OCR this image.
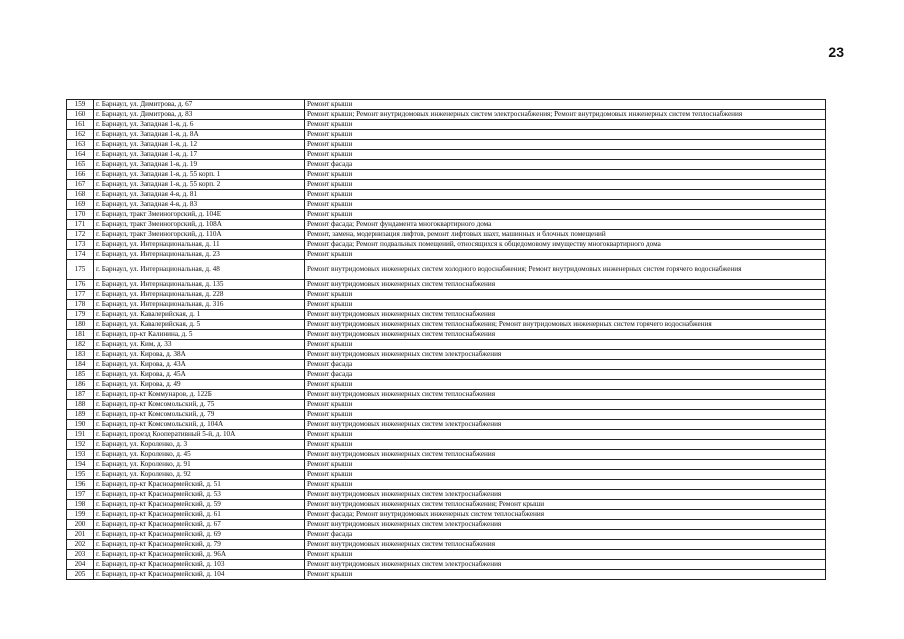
23
159	г. Барнаул, ул. Димитрова, д. 67	Ремонт крыши
160	г. Барнаул, ул. Димитрова, д. 83	Ремонт крыши; Ремонт внутридомовых инженерных систем электроснабжения; Ремонт внутридомовых инженерных систем теплоснабжения
161	г. Барнаул, ул. Западная 1-я, д. 6	Ремонт крыши
162	г. Барнаул, ул. Западная 1-я, д. 8А	Ремонт крыши
163	г. Барнаул, ул. Западная 1-я, д. 12	Ремонт крыши
164	г. Барнаул, ул. Западная 1-я, д. 17	Ремонт крыши
165	г. Барнаул, ул. Западная 1-я, д. 19	Ремонт фасада
166	г. Барнаул, ул. Западная 1-я, д. 55 корп. 1	Ремонт крыши
167	г. Барнаул, ул. Западная 1-я, д. 55 корп. 2	Ремонт крыши
168	г. Барнаул, ул. Западная 4-я, д. 81	Ремонт крыши
169	г. Барнаул, ул. Западная 4-я, д. 83	Ремонт крыши
170	г. Барнаул, тракт Змеиногорский, д. 104Е	Ремонт крыши
171	г. Барнаул, тракт Змеиногорский, д. 108А	Ремонт фасада; Ремонт фундамента многоквартирного дома
172	г. Барнаул, тракт Змеиногорский, д. 110А	Ремонт, замена, модернизация лифтов, ремонт лифтовых шахт, машинных и блочных помещений
173	г. Барнаул, ул. Интернациональная, д. 11	Ремонт фасада; Ремонт подвальных помещений, относящихся к общедомовому имуществу многоквартирного дома
174	г. Барнаул, ул. Интернациональная, д. 23	Ремонт крыши
175	г. Барнаул, ул. Интернациональная, д. 48	Ремонт внутридомовых инженерных систем холодного водоснабжения; Ремонт внутридомовых инженерных систем горячего водоснабжения
176	г. Барнаул, ул. Интернациональная, д. 135	Ремонт внутридомовых инженерных систем теплоснабжения
177	г. Барнаул, ул. Интернациональная, д. 228	Ремонт крыши
178	г. Барнаул, ул. Интернациональная, д. 316	Ремонт крыши
179	г. Барнаул, ул. Кавалерийская, д. 1	Ремонт внутридомовых инженерных систем теплоснабжения
180	г. Барнаул, ул. Кавалерийская, д. 5	Ремонт внутридомовых инженерных систем теплоснабжения; Ремонт внутридомовых инженерных систем горячего водоснабжения
181	г. Барнаул, пр-кт Калинина, д. 5	Ремонт внутридомовых инженерных систем теплоснабжения
182	г. Барнаул, ул. Ким, д. 33	Ремонт крыши
183	г. Барнаул, ул. Кирова, д. 38А	Ремонт внутридомовых инженерных систем электроснабжения
184	г. Барнаул, ул. Кирова, д. 43А	Ремонт фасада
185	г. Барнаул, ул. Кирова, д. 45А	Ремонт фасада
186	г. Барнаул, ул. Кирова, д. 49	Ремонт крыши
187	г. Барнаул, пр-кт Коммунаров, д. 122Б	Ремонт внутридомовых инженерных систем теплоснабжения
188	г. Барнаул, пр-кт Комсомольский, д. 75	Ремонт крыши
189	г. Барнаул, пр-кт Комсомольский, д. 79	Ремонт крыши
190	г. Барнаул, пр-кт Комсомольский, д. 104А	Ремонт внутридомовых инженерных систем электроснабжения
191	г. Барнаул, проезд Кооперативный 5-й, д. 10А	Ремонт крыши
192	г. Барнаул, ул. Короленко, д. 3	Ремонт крыши
193	г. Барнаул, ул. Короленко, д. 45	Ремонт внутридомовых инженерных систем теплоснабжения
194	г. Барнаул, ул. Короленко, д. 91	Ремонт крыши
195	г. Барнаул, ул. Короленко, д. 92	Ремонт крыши
196	г. Барнаул, пр-кт Красноармейский, д. 51	Ремонт крыши
197	г. Барнаул, пр-кт Красноармейский, д. 53	Ремонт внутридомовых инженерных систем электроснабжения
198	г. Барнаул, пр-кт Красноармейский, д. 59	Ремонт внутридомовых инженерных систем теплоснабжения; Ремонт крыши
199	г. Барнаул, пр-кт Красноармейский, д. 61	Ремонт фасада; Ремонт внутридомовых инженерных систем теплоснабжения
200	г. Барнаул, пр-кт Красноармейский, д. 67	Ремонт внутридомовых инженерных систем электроснабжения
201	г. Барнаул, пр-кт Красноармейский, д. 69	Ремонт фасада
202	г. Барнаул, пр-кт Красноармейский, д. 79	Ремонт внутридомовых инженерных систем теплоснабжения
203	г. Барнаул, пр-кт Красноармейский, д. 96А	Ремонт крыши
204	г. Барнаул, пр-кт Красноармейский, д. 103	Ремонт внутридомовых инженерных систем электроснабжения
205	г. Барнаул, пр-кт Красноармейский, д. 104	Ремонт крыши
